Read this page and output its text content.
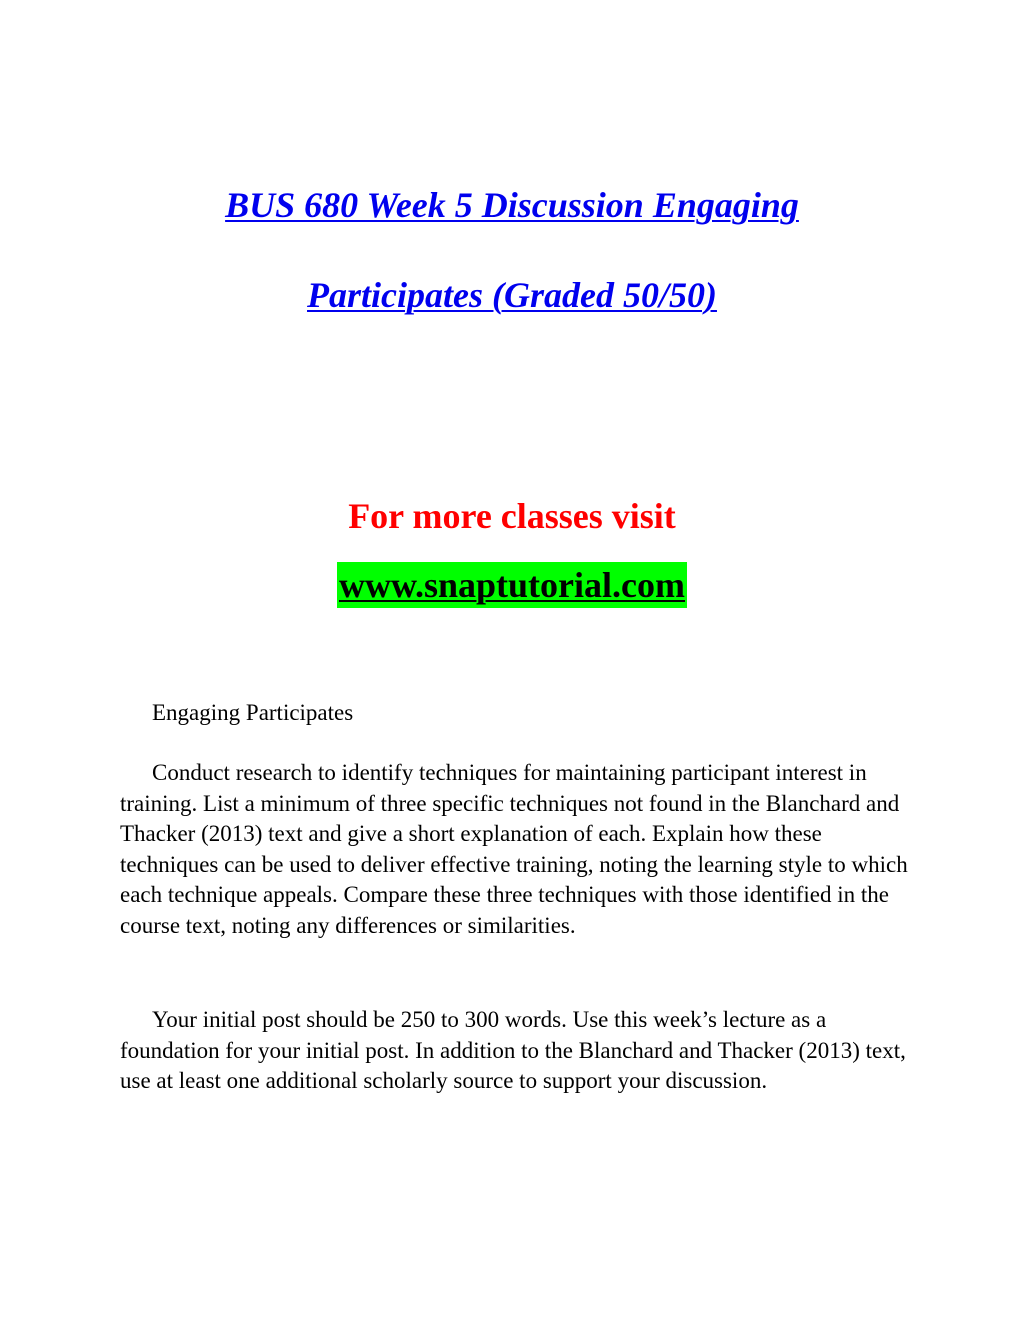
BUS 680 Week 5 Discussion Engaging

Participates (Graded 50/50)

For more classes visit

www.snaptutorial.com

Engaging Participates

Conduct research to identify techniques for maintaining participant interest in training. List a minimum of three specific techniques not found in the Blanchard and Thacker (2013) text and give a short explanation of each. Explain how these techniques can be used to deliver effective training, noting the learning style to which each technique appeals. Compare these three techniques with those identified in the course text, noting any differences or similarities.

Your initial post should be 250 to 300 words. Use this week’s lecture as a foundation for your initial post. In addition to the Blanchard and Thacker (2013) text, use at least one additional scholarly source to support your discussion.
